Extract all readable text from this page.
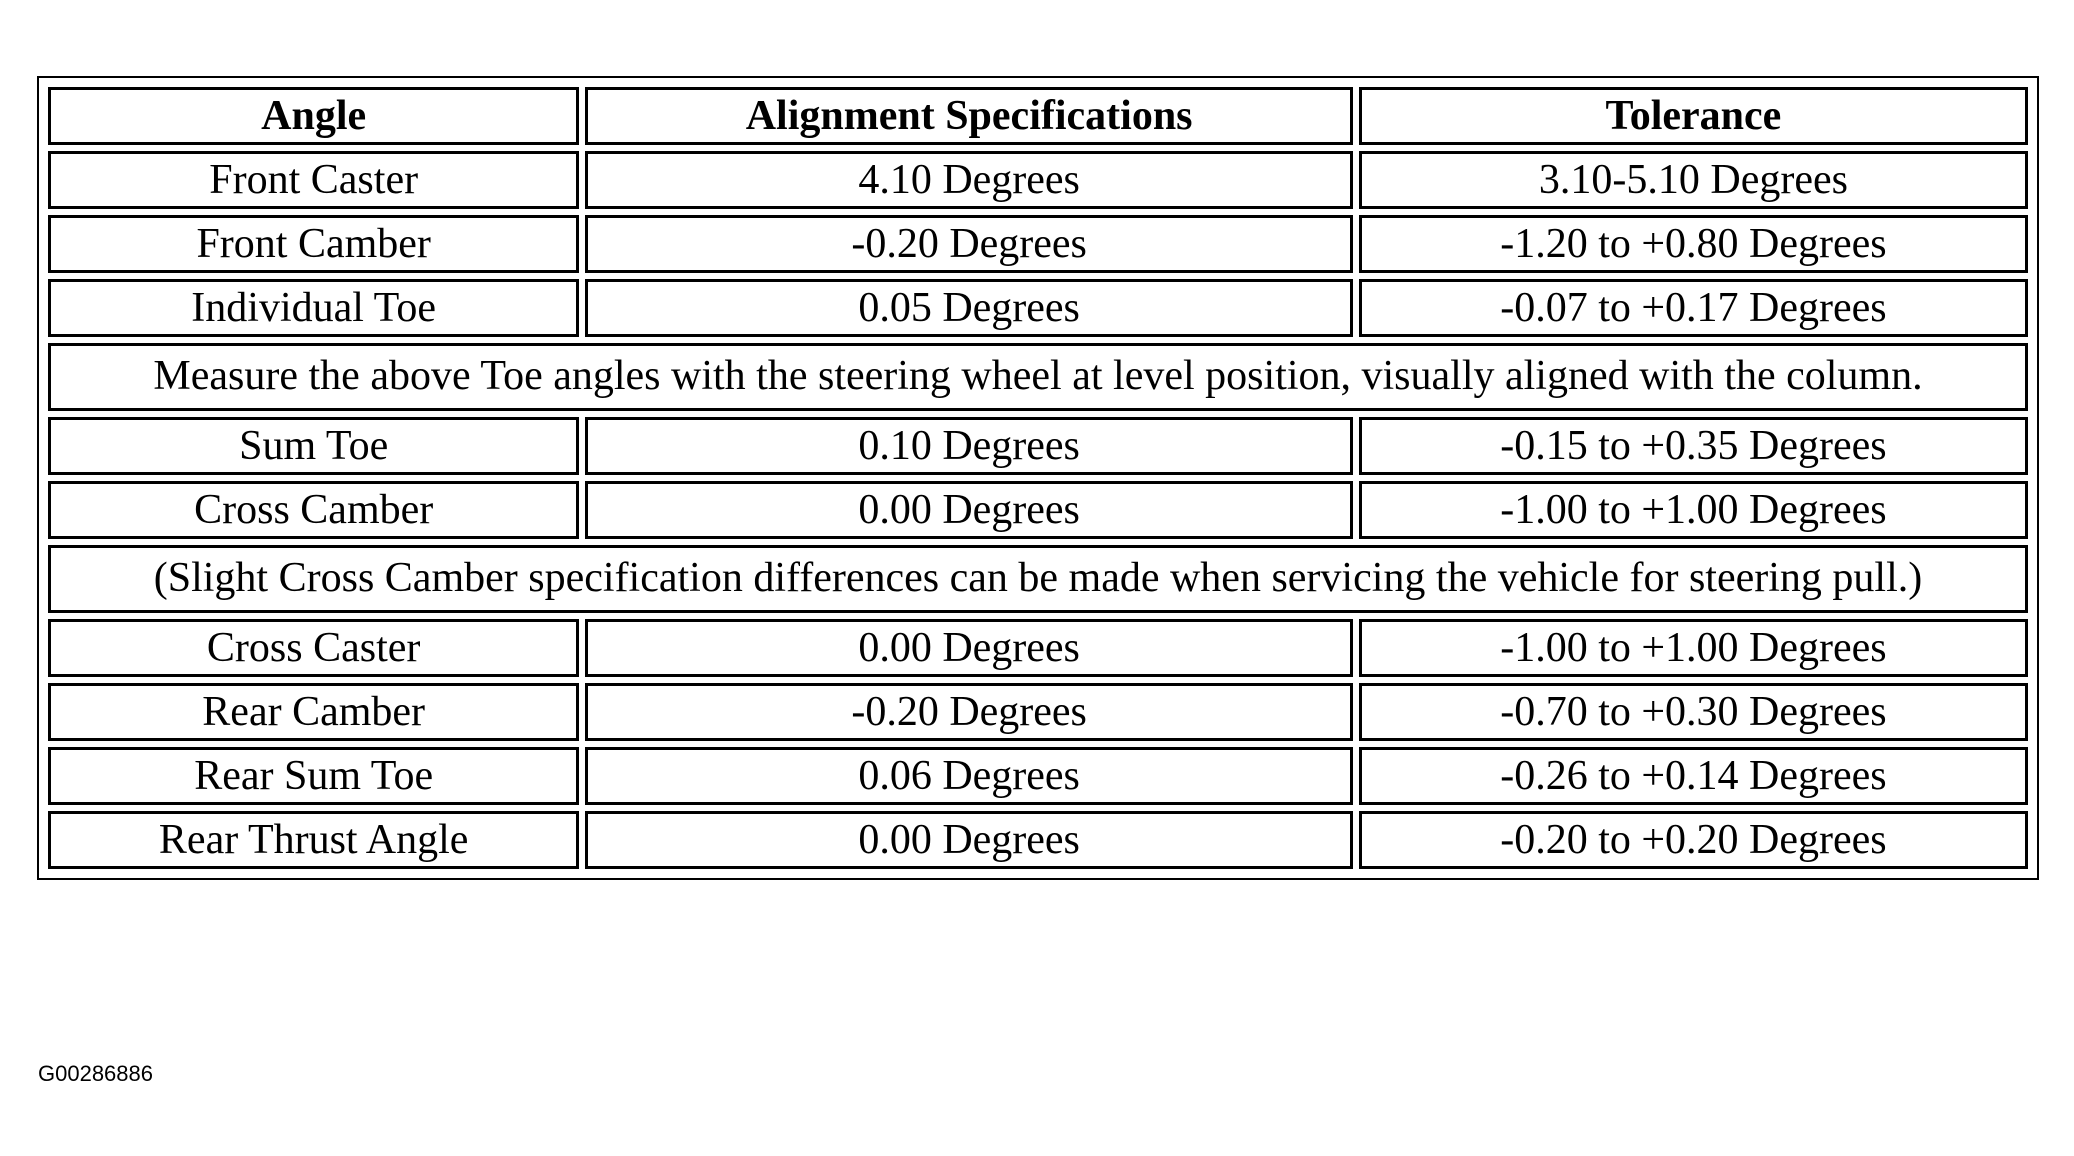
Angle	Alignment Specifications	Tolerance
Front Caster	4.10 Degrees	3.10-5.10 Degrees
Front Camber	-0.20 Degrees	-1.20 to +0.80 Degrees
Individual Toe	0.05 Degrees	-0.07 to +0.17 Degrees
Measure the above Toe angles with the steering wheel at level position, visually aligned with the column.		
Sum Toe	0.10 Degrees	-0.15 to +0.35 Degrees
Cross Camber	0.00 Degrees	-1.00 to +1.00 Degrees
(Slight Cross Camber specification differences can be made when servicing the vehicle for steering pull.)		
Cross Caster	0.00 Degrees	-1.00 to +1.00 Degrees
Rear Camber	-0.20 Degrees	-0.70 to +0.30 Degrees
Rear Sum Toe	0.06 Degrees	-0.26 to +0.14 Degrees
Rear Thrust Angle	0.00 Degrees	-0.20 to +0.20 Degrees
G00286886
